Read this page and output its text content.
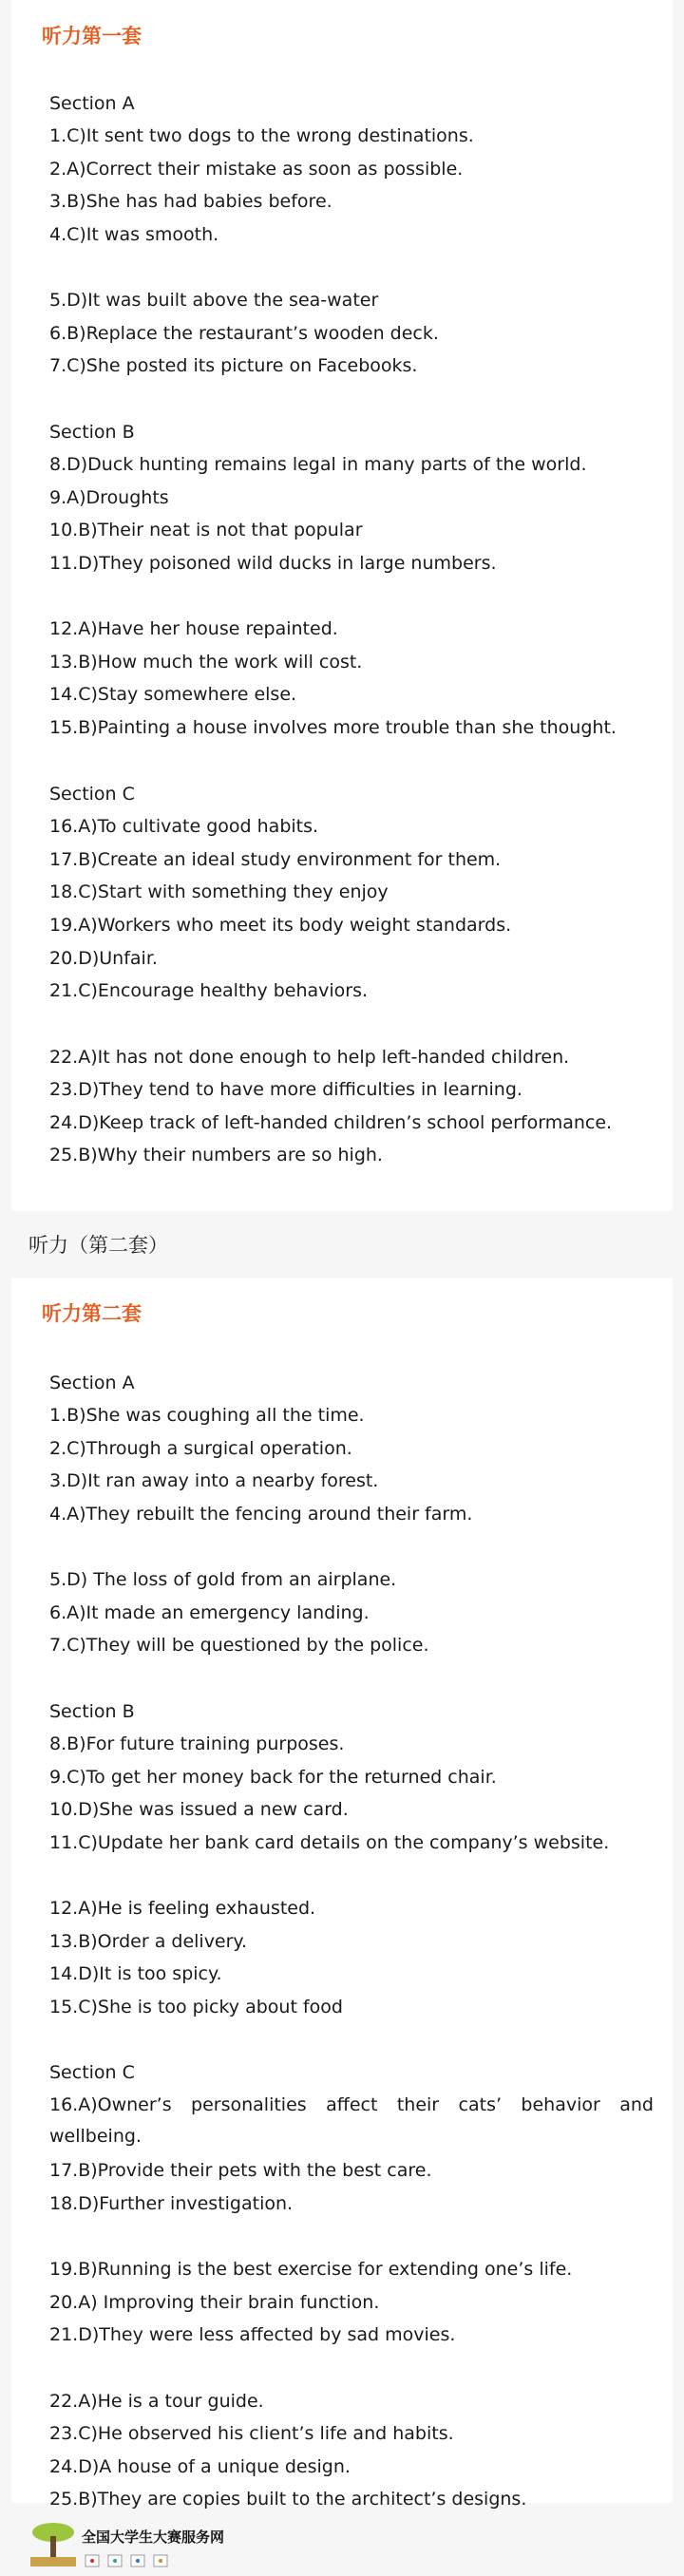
听力第一套
Section A
1.C)It sent two dogs to the wrong destinations.
2.A)Correct their mistake as soon as possible.
3.B)She has had babies before.
4.C)It was smooth.
5.D)It was built above the sea-water
6.B)Replace the restaurant’s wooden deck.
7.C)She posted its picture on Facebooks.
Section B
8.D)Duck hunting remains legal in many parts of the world.
9.A)Droughts
10.B)Their neat is not that popular
11.D)They poisoned wild ducks in large numbers.
12.A)Have her house repainted.
13.B)How much the work will cost.
14.C)Stay somewhere else.
15.B)Painting a house involves more trouble than she thought.
Section C
16.A)To cultivate good habits.
17.B)Create an ideal study environment for them.
18.C)Start with something they enjoy
19.A)Workers who meet its body weight standards.
20.D)Unfair.
21.C)Encourage healthy behaviors.
22.A)It has not done enough to help left-handed children.
23.D)They tend to have more difficulties in learning.
24.D)Keep track of left-handed children’s school performance.
25.B)Why their numbers are so high.
听力（第二套）
听力第二套
Section A
1.B)She was coughing all the time.
2.C)Through a surgical operation.
3.D)It ran away into a nearby forest.
4.A)They rebuilt the fencing around their farm.
5.D) The loss of gold from an airplane.
6.A)It made an emergency landing.
7.C)They will be questioned by the police.
Section B
8.B)For future training purposes.
9.C)To get her money back for the returned chair.
10.D)She was issued a new card.
11.C)Update her bank card details on the company’s website.
12.A)He is feeling exhausted.
13.B)Order a delivery.
14.D)It is too spicy.
15.C)She is too picky about food
Section C
16.A)Owner’s personalities affect their cats’ behavior and wellbeing.
17.B)Provide their pets with the best care.
18.D)Further investigation.
19.B)Running is the best exercise for extending one’s life.
20.A) Improving their brain function.
21.D)They were less affected by sad movies.
22.A)He is a tour guide.
23.C)He observed his client’s life and habits.
24.D)A house of a unique design.
25.B)They are copies built to the architect’s designs.
全国大学生大赛服务网
